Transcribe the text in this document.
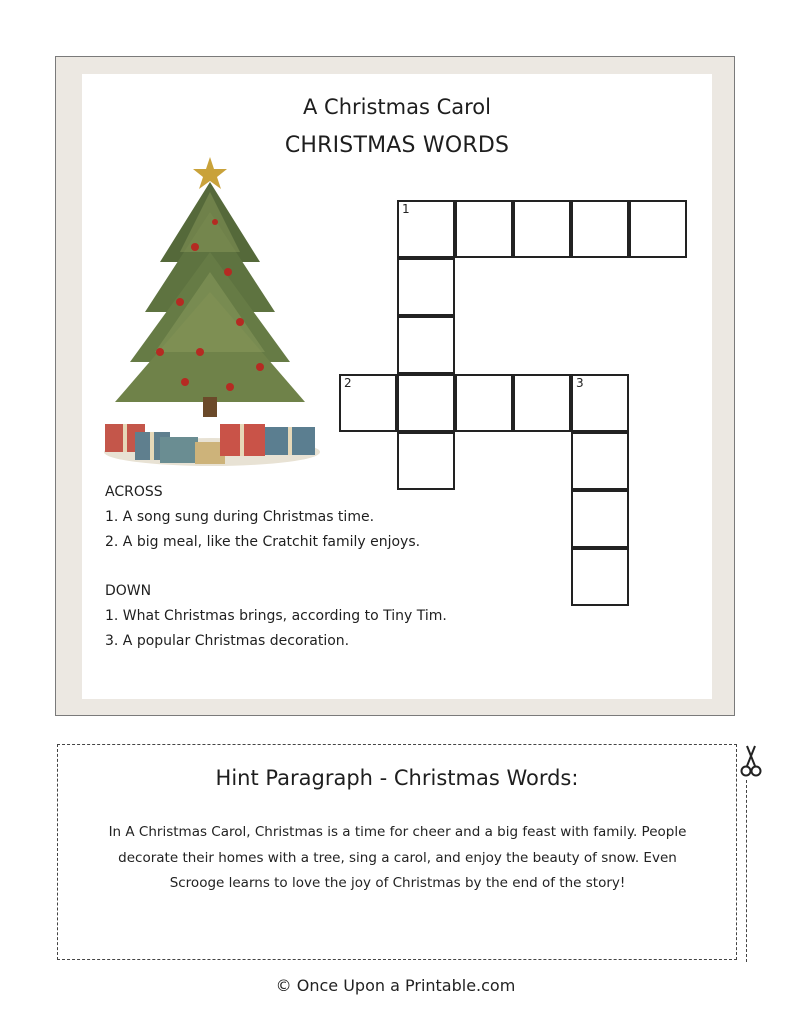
A Christmas Carol
CHRISTMAS WORDS
1
2	3
ACROSS
1. A song sung during Christmas time.
2. A big meal, like the Cratchit family enjoys.
DOWN
1. What Christmas brings, according to Tiny Tim.
3. A popular Christmas decoration.
Hint Paragraph - Christmas Words:
In A Christmas Carol, Christmas is a time for cheer and a big feast with family. People decorate their homes with a tree, sing a carol, and enjoy the beauty of snow. Even Scrooge learns to love the joy of Christmas by the end of the story!
© Once Upon a Printable.com
